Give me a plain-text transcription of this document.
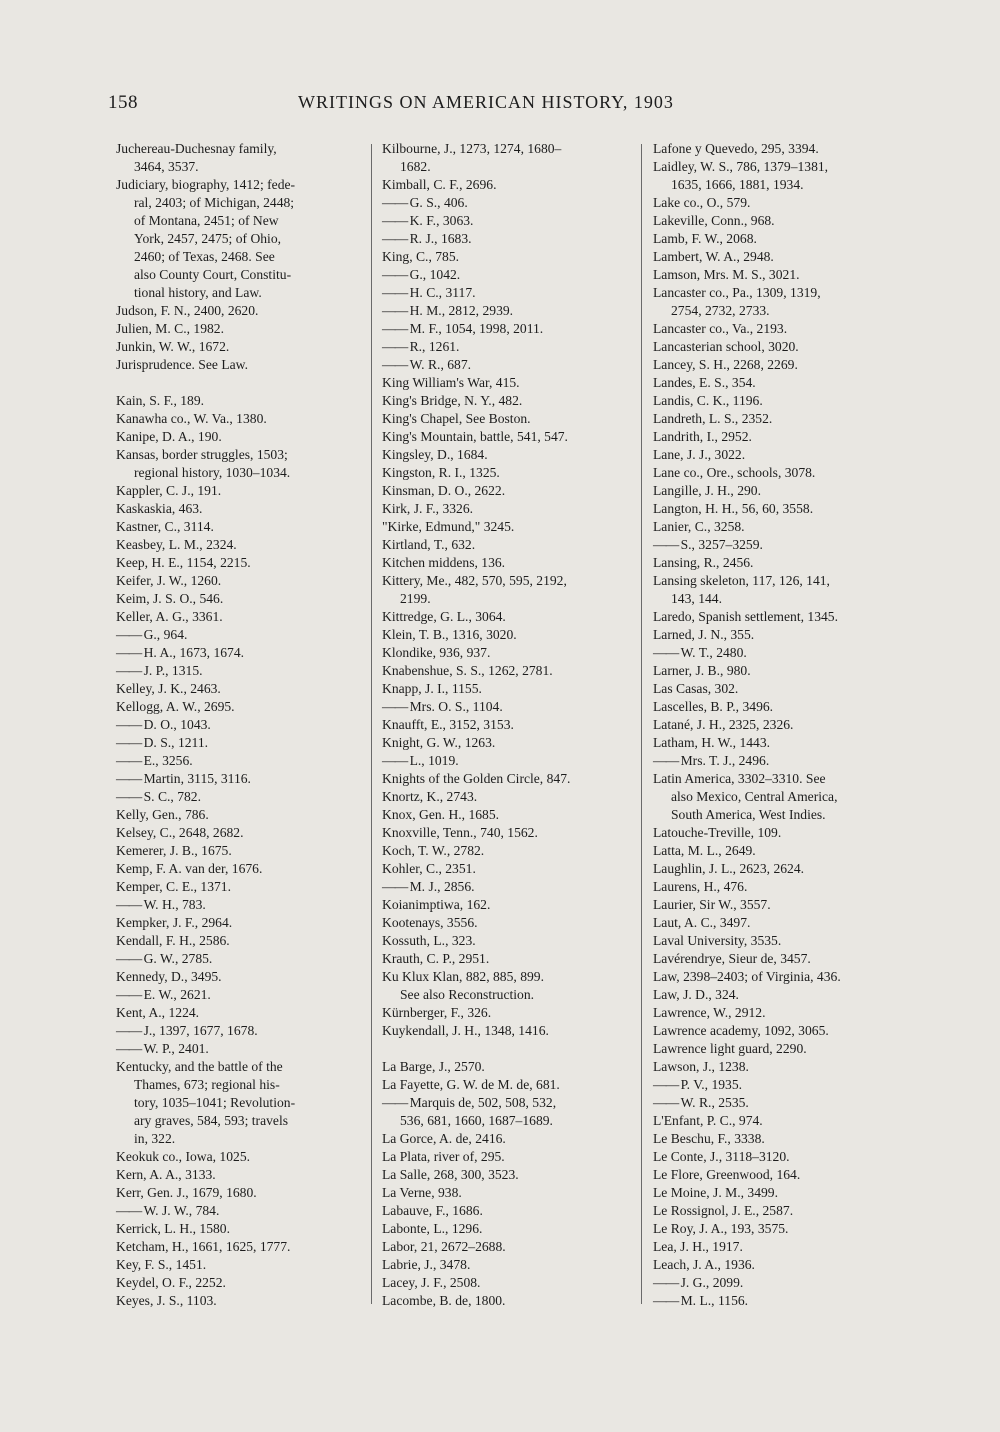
158	WRITINGS ON AMERICAN HISTORY, 1903
Juchereau-Duchesnay family,
3464, 3537.
Judiciary, biography, 1412; fede-
ral, 2403; of Michigan, 2448;
of Montana, 2451; of New
York, 2457, 2475; of Ohio,
2460; of Texas, 2468. See
also County Court, Constitu-
tional history, and Law.
Judson, F. N., 2400, 2620.
Julien, M. C., 1982.
Junkin, W. W., 1672.
Jurisprudence. See Law.
Kain, S. F., 189.
Kanawha co., W. Va., 1380.
Kanipe, D. A., 190.
Kansas, border struggles, 1503;
regional history, 1030–1034.
Kappler, C. J., 191.
Kaskaskia, 463.
Kastner, C., 3114.
Keasbey, L. M., 2324.
Keep, H. E., 1154, 2215.
Keifer, J. W., 1260.
Keim, J. S. O., 546.
Keller, A. G., 3361.
—— G., 964.
—— H. A., 1673, 1674.
—— J. P., 1315.
Kelley, J. K., 2463.
Kellogg, A. W., 2695.
—— D. O., 1043.
—— D. S., 1211.
—— E., 3256.
—— Martin, 3115, 3116.
—— S. C., 782.
Kelly, Gen., 786.
Kelsey, C., 2648, 2682.
Kemerer, J. B., 1675.
Kemp, F. A. van der, 1676.
Kemper, C. E., 1371.
—— W. H., 783.
Kempker, J. F., 2964.
Kendall, F. H., 2586.
—— G. W., 2785.
Kennedy, D., 3495.
—— E. W., 2621.
Kent, A., 1224.
—— J., 1397, 1677, 1678.
—— W. P., 2401.
Kentucky, and the battle of the
Thames, 673; regional his-
tory, 1035–1041; Revolution-
ary graves, 584, 593; travels
in, 322.
Keokuk co., Iowa, 1025.
Kern, A. A., 3133.
Kerr, Gen. J., 1679, 1680.
—— W. J. W., 784.
Kerrick, L. H., 1580.
Ketcham, H., 1661, 1625, 1777.
Key, F. S., 1451.
Keydel, O. F., 2252.
Keyes, J. S., 1103.
Kilbourne, J., 1273, 1274, 1680–
1682.
Kimball, C. F., 2696.
—— G. S., 406.
—— K. F., 3063.
—— R. J., 1683.
King, C., 785.
—— G., 1042.
—— H. C., 3117.
—— H. M., 2812, 2939.
—— M. F., 1054, 1998, 2011.
—— R., 1261.
—— W. R., 687.
King William's War, 415.
King's Bridge, N. Y., 482.
King's Chapel, See Boston.
King's Mountain, battle, 541, 547.
Kingsley, D., 1684.
Kingston, R. I., 1325.
Kinsman, D. O., 2622.
Kirk, J. F., 3326.
"Kirke, Edmund," 3245.
Kirtland, T., 632.
Kitchen middens, 136.
Kittery, Me., 482, 570, 595, 2192,
2199.
Kittredge, G. L., 3064.
Klein, T. B., 1316, 3020.
Klondike, 936, 937.
Knabenshue, S. S., 1262, 2781.
Knapp, J. I., 1155.
—— Mrs. O. S., 1104.
Knaufft, E., 3152, 3153.
Knight, G. W., 1263.
—— L., 1019.
Knights of the Golden Circle, 847.
Knortz, K., 2743.
Knox, Gen. H., 1685.
Knoxville, Tenn., 740, 1562.
Koch, T. W., 2782.
Kohler, C., 2351.
—— M. J., 2856.
Koianimptiwa, 162.
Kootenays, 3556.
Kossuth, L., 323.
Krauth, C. P., 2951.
Ku Klux Klan, 882, 885, 899.
See also Reconstruction.
Kürnberger, F., 326.
Kuykendall, J. H., 1348, 1416.
La Barge, J., 2570.
La Fayette, G. W. de M. de, 681.
—— Marquis de, 502, 508, 532,
536, 681, 1660, 1687–1689.
La Gorce, A. de, 2416.
La Plata, river of, 295.
La Salle, 268, 300, 3523.
La Verne, 938.
Labauve, F., 1686.
Labonte, L., 1296.
Labor, 21, 2672–2688.
Labrie, J., 3478.
Lacey, J. F., 2508.
Lacombe, B. de, 1800.
Lafone y Quevedo, 295, 3394.
Laidley, W. S., 786, 1379–1381,
1635, 1666, 1881, 1934.
Lake co., O., 579.
Lakeville, Conn., 968.
Lamb, F. W., 2068.
Lambert, W. A., 2948.
Lamson, Mrs. M. S., 3021.
Lancaster co., Pa., 1309, 1319,
2754, 2732, 2733.
Lancaster co., Va., 2193.
Lancasterian school, 3020.
Lancey, S. H., 2268, 2269.
Landes, E. S., 354.
Landis, C. K., 1196.
Landreth, L. S., 2352.
Landrith, I., 2952.
Lane, J. J., 3022.
Lane co., Ore., schools, 3078.
Langille, J. H., 290.
Langton, H. H., 56, 60, 3558.
Lanier, C., 3258.
—— S., 3257–3259.
Lansing, R., 2456.
Lansing skeleton, 117, 126, 141,
143, 144.
Laredo, Spanish settlement, 1345.
Larned, J. N., 355.
—— W. T., 2480.
Larner, J. B., 980.
Las Casas, 302.
Lascelles, B. P., 3496.
Latané, J. H., 2325, 2326.
Latham, H. W., 1443.
—— Mrs. T. J., 2496.
Latin America, 3302–3310. See
also Mexico, Central America,
South America, West Indies.
Latouche-Treville, 109.
Latta, M. L., 2649.
Laughlin, J. L., 2623, 2624.
Laurens, H., 476.
Laurier, Sir W., 3557.
Laut, A. C., 3497.
Laval University, 3535.
Lavérendrye, Sieur de, 3457.
Law, 2398–2403; of Virginia, 436.
Law, J. D., 324.
Lawrence, W., 2912.
Lawrence academy, 1092, 3065.
Lawrence light guard, 2290.
Lawson, J., 1238.
—— P. V., 1935.
—— W. R., 2535.
L'Enfant, P. C., 974.
Le Beschu, F., 3338.
Le Conte, J., 3118–3120.
Le Flore, Greenwood, 164.
Le Moine, J. M., 3499.
Le Rossignol, J. E., 2587.
Le Roy, J. A., 193, 3575.
Lea, J. H., 1917.
Leach, J. A., 1936.
—— J. G., 2099.
—— M. L., 1156.
